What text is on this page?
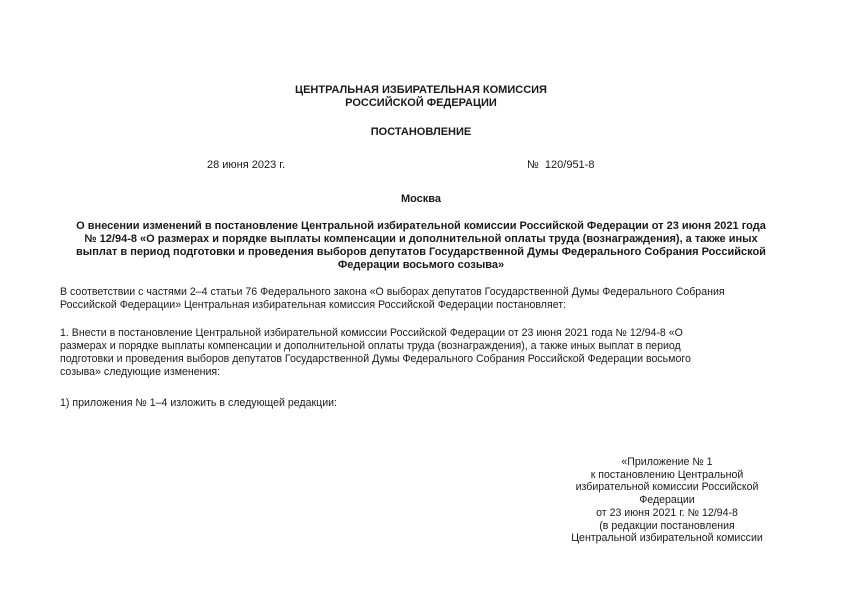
ЦЕНТРАЛЬНАЯ ИЗБИРАТЕЛЬНАЯ КОМИССИЯ
РОССИЙСКОЙ ФЕДЕРАЦИИ
ПОСТАНОВЛЕНИЕ
28 июня 2023 г.	№  120/951-8
Москва
О внесении изменений в постановление Центральной избирательной комиссии Российской Федерации от 23 июня 2021 года
№ 12/94-8 «О размерах и порядке выплаты компенсации и дополнительной оплаты труда (вознаграждения), а также иных
выплат в период подготовки и проведения выборов депутатов Государственной Думы Федерального Собрания Российской
Федерации восьмого созыва»
В соответствии с частями 2–4 статьи 76 Федерального закона «О выборах депутатов Государственной Думы Федерального Собрания
Российской Федерации» Центральная избирательная комиссия Российской Федерации постановляет:
1. Внести в постановление Центральной избирательной комиссии Российской Федерации от 23 июня 2021 года № 12/94-8 «О
размерах и порядке выплаты компенсации и дополнительной оплаты труда (вознаграждения), а также иных выплат в период
подготовки и проведения выборов депутатов Государственной Думы Федерального Собрания Российской Федерации восьмого
созыва» следующие изменения:
1) приложения № 1–4 изложить в следующей редакции:
«Приложение № 1
к постановлению Центральной
избирательной комиссии Российской
Федерации
от 23 июня 2021 г. № 12/94-8
(в редакции постановления
Центральной избирательной комиссии
